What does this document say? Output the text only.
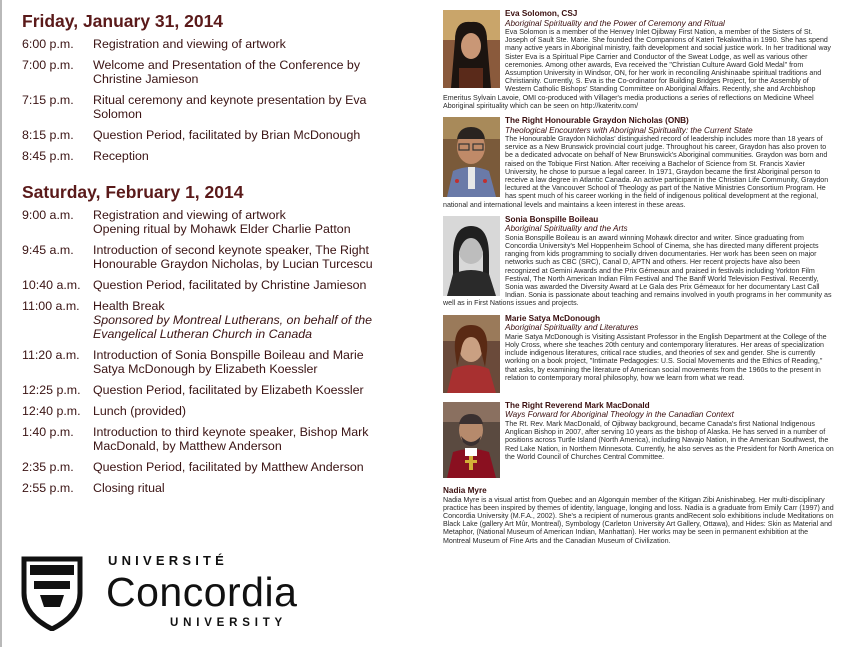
Friday, January 31, 2014
6:00 p.m.	Registration and viewing of artwork
7:00 p.m.	Welcome and Presentation of the Conference by
Christine Jamieson
7:15 p.m.	Ritual ceremony and keynote presentation by Eva
Solomon
8:15 p.m.	Question Period, facilitated by Brian McDonough
8:45 p.m.	Reception
Saturday, February 1, 2014
9:00 a.m.	Registration and viewing of artwork
Opening ritual by Mohawk Elder Charlie Patton
9:45 a.m.	Introduction of second keynote speaker, The Right
Honourable Graydon Nicholas, by Lucian Turcescu
10:40 a.m.	Question Period, facilitated by Christine Jamieson
11:00 a.m.	Health Break
Sponsored by Montreal Lutherans, on behalf of the
Evangelical Lutheran Church in Canada
11:20 a.m.	Introduction of Sonia Bonspille Boileau and Marie
Satya McDonough by Elizabeth Koessler
12:25 p.m.	Question Period, facilitated by Elizabeth Koessler
12:40 p.m.	Lunch (provided)
1:40 p.m.	Introduction to third keynote speaker, Bishop Mark
MacDonald, by Matthew Anderson
2:35 p.m.	Question Period, facilitated by Matthew Anderson
2:55 p.m.	Closing ritual
UNIVERSITÉ
Concordia
UNIVERSITY
Eva Solomon, CSJ
Aboriginal Spirituality and the Power of Ceremony and Ritual

Eva Solomon is a member of the Henvey Inlet Ojibway First Nation, a member of the Sisters of St. Joseph of Sault Ste. Marie. She founded the Companions of Kateri Tekakwitha in 1990. She has spend many active years in Aboriginal ministry, faith development and social justice work. In her traditional way Sister Eva is a Spiritual Pipe Carrier and Conductor of the Sweat Lodge, as well as various other ceremonies. Among other awards, Eva received the "Christian Culture Award Gold Medal" from Assumption University in Windsor, ON, for her work in reconciling Anishinaabe spiritual traditions and Christianity. Currently, S. Eva is the Co-ordinator for Building Bridges Project, for the Assembly of Western Catholic Bishops' Standing Committee on Aboriginal Affairs. Recently, she and Archbishop Emeritus Sylvain Lavoie, OMI co-produced with Villager's media productions a series of reflections on Medicine Wheel Aboriginal spirituality which can be seen on http://kateritv.com/

The Right Honourable Graydon Nicholas (ONB)
Theological Encounters with Aboriginal Spirituality: the Current State

The Honourable Graydon Nicholas' distinguished record of leadership includes more than 18 years of service as a New Brunswick provincial court judge. Throughout his career, Graydon has also proven to be a dedicated advocate on behalf of New Brunswick's Aboriginal communities. Graydon was born and raised on the Tobique First Nation. After receiving a Bachelor of Science from St. Francis Xavier University, he chose to pursue a legal career. In 1971, Graydon became the first Aboriginal person to receive a law degree in Atlantic Canada. An active participant in the Christian Life Community, Graydon lectured at the Vancouver School of Theology as part of the Native Ministries Consortium Program. He has spent much of his career working in the field of indigenous political development at the regional, national and international levels and maintains a keen interest in these areas.

Sonia Bonspille Boileau
Aboriginal Spirituality and the Arts

Sonia Bonspille Boileau is an award winning Mohawk director and writer. Since graduating from Concordia University's Mel Hoppenheim School of Cinema, she has directed many different projects ranging from kids programming to socially driven documentaries. Her work has been seen on major networks such as CBC (SRC), Canal D, APTN and others. Her recent projects have also been recognized at Gemini Awards and the Prix Gémeaux and praised in festivals including Yorkton Film Festival, The North American Indian Film Festival and The Banff World Television Festival. Recently, Sonia was awarded the Diversity Award at Le Gala des Prix Gémeaux for her documentary Last Call Indian. Sonia is passionate about teaching and remains involved in youth programs in her community as well as in First Nations issues and projects.

Marie Satya McDonough
Aboriginal Spirituality and Literatures

Marie Satya McDonough is Visiting Assistant Professor in the English Department at the College of the Holy Cross, where she teaches 20th century and contemporary literatures. Her areas of specialization include indigenous literatures, critical race studies, and theories of sex and gender. She is currently working on a book project, "Intimate Pedagogies: U.S. Social Movements and the Ethics of Reading," that asks, by examining the literature of American social movements from the 1960s to the present in relation to contemporary moral philosophy, how we learn from what we read.

The Right Reverend Mark MacDonald
Ways Forward for Aboriginal Theology in the Canadian Context

The Rt. Rev. Mark MacDonald, of Ojibway background, became Canada's first National Indigenous Anglican Bishop in 2007, after serving 10 years as the bishop of Alaska. He has served in a number of positions across Turtle Island (North America), including Navajo Nation, in the American Southwest, the Red Lake Nation, in Northern Minnesota. Currently, he also serves as the President for North America on the World Council of Churches Central Committee.

Nadia Myre

Nadia Myre is a visual artist from Quebec and an Algonquin member of the Kitigan Zibi Anishinabeg. Her multi-disciplinary practice has been inspired by themes of identity, language, longing and loss. Nadia is a graduate from Emily Carr (1997) and Concordia University (M.F.A., 2002). She's a recipient of numerous grants andRecent solo exhibitions include Meditations on Black Lake (gallery Art Mûr, Montreal), Symbology (Carleton University Art Gallery, Ottawa), and Hides: Skin as Material and Metaphor, (National Museum of American Indian, Manhattan). Her works may be seen in permanent exhibition at the Montreal Museum of Fine Arts and the Canadian Museum of Civilization.
